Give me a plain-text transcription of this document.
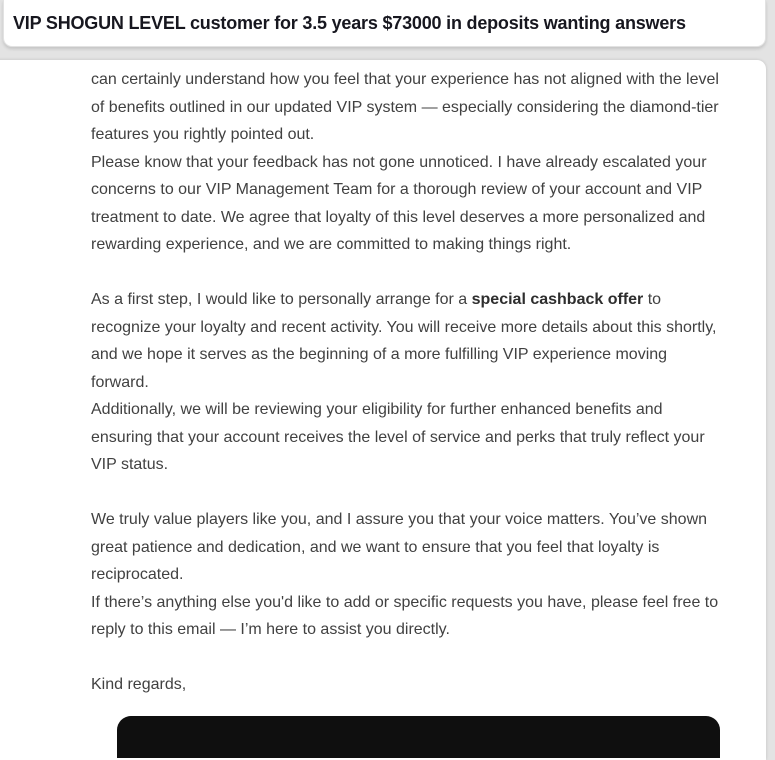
VIP SHOGUN LEVEL customer for 3.5 years $73000 in deposits wanting answers

can certainly understand how you feel that your experience has not aligned with the level of benefits outlined in our updated VIP system — especially considering the diamond-tier features you rightly pointed out.

Please know that your feedback has not gone unnoticed. I have already escalated your concerns to our VIP Management Team for a thorough review of your account and VIP treatment to date. We agree that loyalty of this level deserves a more personalized and rewarding experience, and we are committed to making things right.

As a first step, I would like to personally arrange for a special cashback offer to recognize your loyalty and recent activity. You will receive more details about this shortly, and we hope it serves as the beginning of a more fulfilling VIP experience moving forward.

Additionally, we will be reviewing your eligibility for further enhanced benefits and ensuring that your account receives the level of service and perks that truly reflect your VIP status.

We truly value players like you, and I assure you that your voice matters. You’ve shown great patience and dedication, and we want to ensure that you feel that loyalty is reciprocated.

If there’s anything else you'd like to add or specific requests you have, please feel free to reply to this email — I’m here to assist you directly.

Kind regards,
